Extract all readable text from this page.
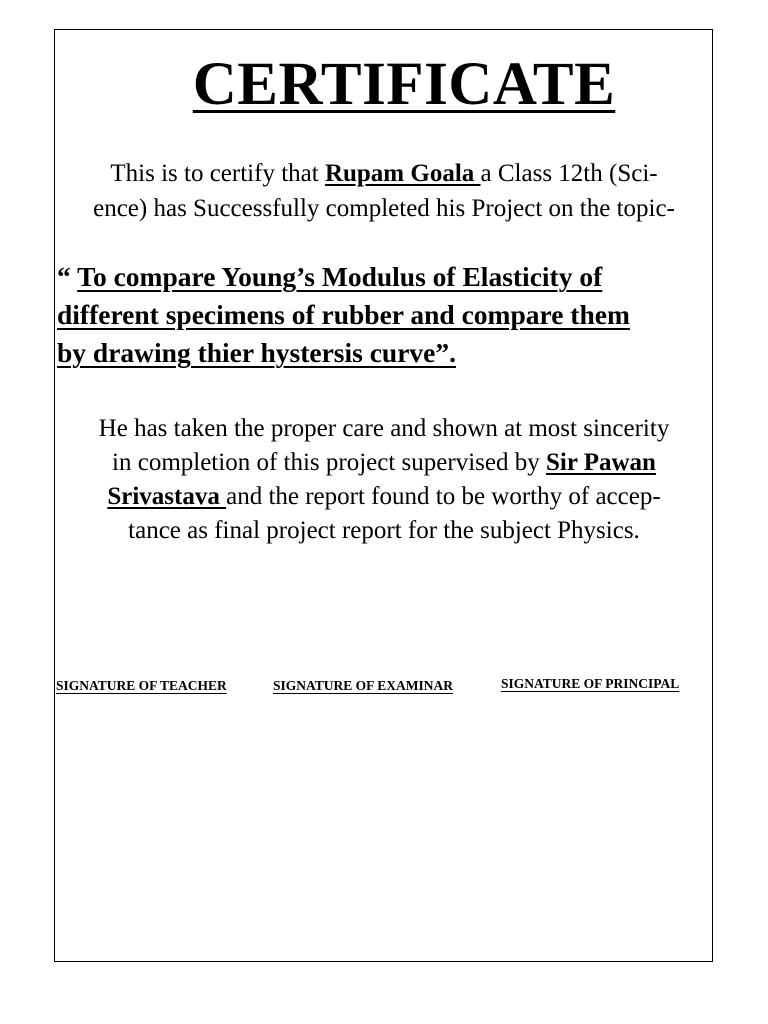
CERTIFICATE

This is to certify that Rupam Goala a Class 12th (Sci-
ence) has Successfully completed his Project on the topic-

“ To compare Young’s Modulus of Elasticity of
different specimens of rubber and compare them
by drawing thier hystersis curve”.

He has taken the proper care and shown at most sincerity
in completion of this project supervised by Sir Pawan
Srivastava and the report found to be worthy of accep-
tance as final project report for the subject Physics.

SIGNATURE OF TEACHER	SIGNATURE OF EXAMINAR	SIGNATURE OF PRINCIPAL
